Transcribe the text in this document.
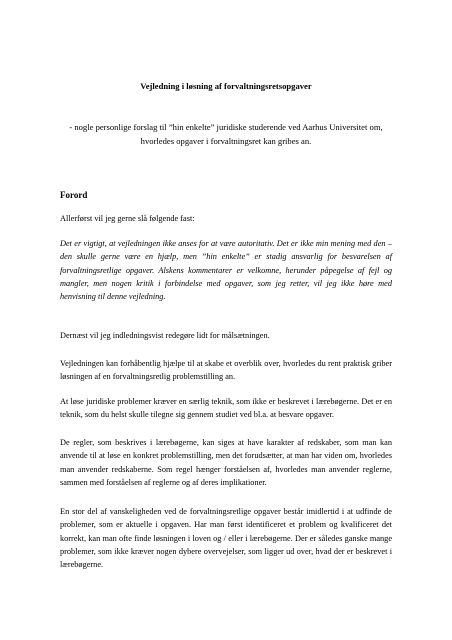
Vejledning i løsning af forvaltningsretsopgaver

- nogle personlige forslag til ”hin enkelte” juridiske studerende ved Aarhus Universitet om, hvorledes opgaver i forvaltningsret kan gribes an.

Forord

Allerførst vil jeg gerne slå følgende fast:

Det er vigtigt, at vejledningen ikke anses for at være autoritativ. Det er ikke min mening med den – den skulle gerne være en hjælp, men ”hin enkelte” er stadig ansvarlig for besvarelsen af forvaltningsretlige opgaver. Alskens kommentarer er velkomne, herunder påpegelse af fejl og mangler, men nogen kritik i forbindelse med opgaver, som jeg retter, vil jeg ikke høre med henvisning til denne vejledning.

Dernæst vil jeg indledningsvist redegøre lidt for målsætningen.

Vejledningen kan forhåbentlig hjælpe til at skabe et overblik over, hvorledes du rent praktisk griber løsningen af en forvaltningsretlig problemstilling an.

At løse juridiske problemer kræver en særlig teknik, som ikke er beskrevet i lærebøgerne. Det er en teknik, som du helst skulle tilegne sig gennem studiet ved bl.a. at besvare opgaver.

De regler, som beskrives i lærebøgerne, kan siges at have karakter af redskaber, som man kan anvende til at løse en konkret problemstilling, men det forudsætter, at man har viden om, hvorledes man anvender redskaberne. Som regel hænger forståelsen af, hvorledes man anvender reglerne, sammen med forståelsen af reglerne og af deres implikationer.

En stor del af vanskeligheden ved de forvaltningsretlige opgaver består imidlertid i at udfinde de problemer, som er aktuelle i opgaven. Har man først identificeret et problem og kvalificeret det korrekt, kan man ofte finde løsningen i loven og / eller i lærebøgerne. Der er således ganske mange problemer, som ikke kræver nogen dybere overvejelser, som ligger ud over, hvad der er beskrevet i lærebøgerne.
